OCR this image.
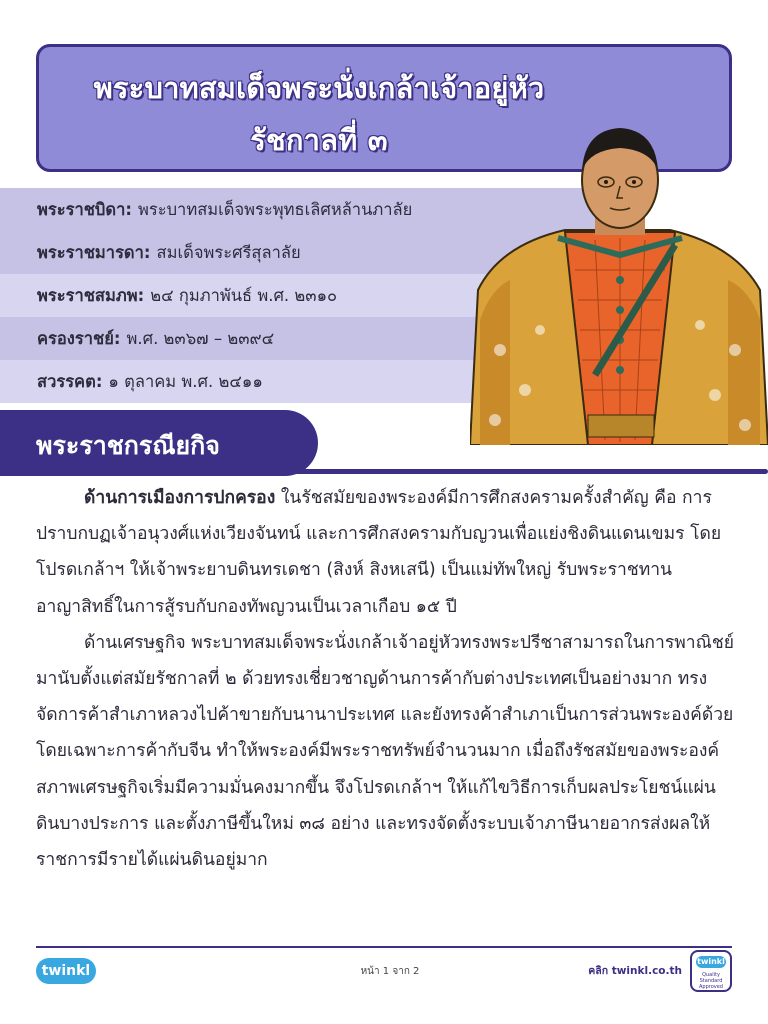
พระบาทสมเด็จพระนั่งเกล้าเจ้าอยู่หัว
รัชกาลที่ ๓
พระราชบิดา: พระบาทสมเด็จพระพุทธเลิศหล้านภาลัย
พระราชมารดา: สมเด็จพระศรีสุลาลัย
พระราชสมภพ: ๒๔ กุมภาพันธ์ พ.ศ. ๒๓๑๐
ครองราชย์: พ.ศ. ๒๓๖๗ – ๒๓๙๔
สวรรคต: ๑ ตุลาคม พ.ศ. ๒๔๑๑
พระราชกรณียกิจ

ด้านการเมืองการปกครอง ในรัชสมัยของพระองค์มีการศึกสงครามครั้งสำคัญ คือ การปราบกบฏเจ้าอนุวงศ์แห่งเวียงจันทน์ และการศึกสงครามกับญวนเพื่อแย่งชิงดินแดนเขมร โดยโปรดเกล้าฯ ให้เจ้าพระยาบดินทรเดชา (สิงห์ สิงหเสนี) เป็นแม่ทัพใหญ่ รับพระราชทานอาญาสิทธิ์ในการสู้รบกับกองทัพญวนเป็นเวลาเกือบ ๑๕ ปี

ด้านเศรษฐกิจ พระบาทสมเด็จพระนั่งเกล้าเจ้าอยู่หัวทรงพระปรีชาสามารถในการพาณิชย์มานับตั้งแต่สมัยรัชกาลที่ ๒ ด้วยทรงเชี่ยวชาญด้านการค้ากับต่างประเทศเป็นอย่างมาก ทรงจัดการค้าสำเภาหลวงไปค้าขายกับนานาประเทศ และยังทรงค้าสำเภาเป็นการส่วนพระองค์ด้วย โดยเฉพาะการค้ากับจีน ทำให้พระองค์มีพระราชทรัพย์จำนวนมาก เมื่อถึงรัชสมัยของพระองค์ สภาพเศรษฐกิจเริ่มมีความมั่นคงมากขึ้น จึงโปรดเกล้าฯ ให้แก้ไขวิธีการเก็บผลประโยชน์แผ่นดินบางประการ และตั้งภาษีขึ้นใหม่ ๓๘ อย่าง และทรงจัดตั้งระบบเจ้าภาษีนายอากรส่งผลให้ราชการมีรายได้แผ่นดินอยู่มาก

twinkl	หน้า 1 จาก 2	คลิก twinkl.co.th
twinkl
Quality Standard Approved
